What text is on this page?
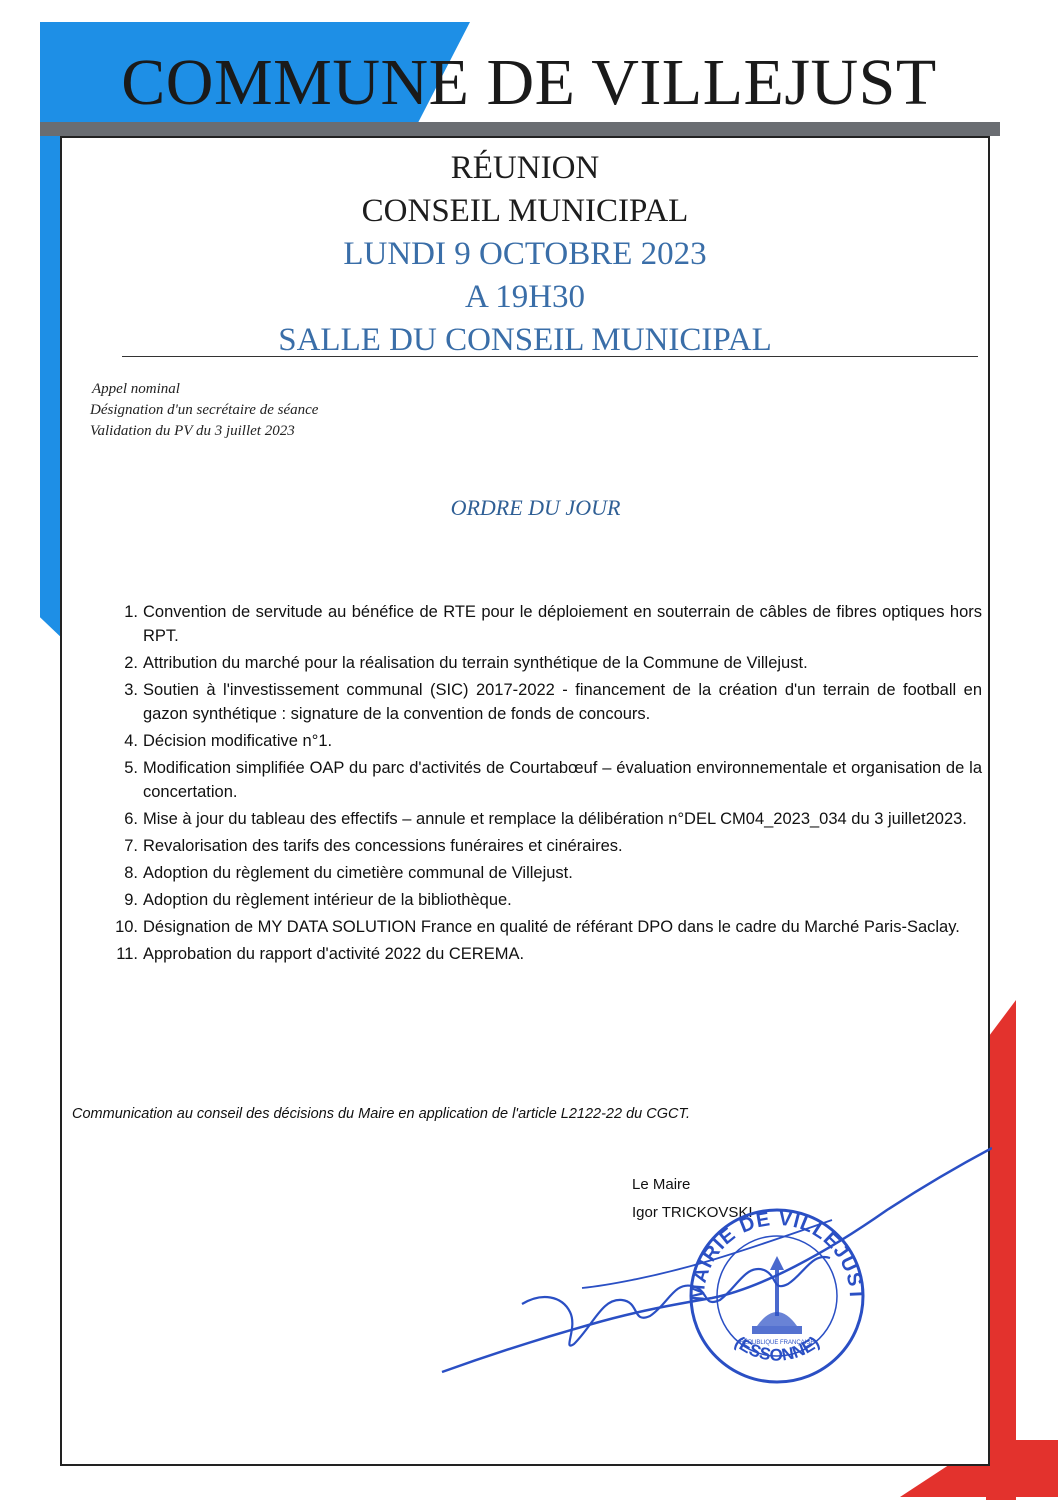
COMMUNE DE VILLEJUST
RÉUNION
CONSEIL MUNICIPAL
LUNDI 9 OCTOBRE 2023
A 19H30
SALLE DU CONSEIL MUNICIPAL
Appel nominal
Désignation d'un secrétaire de séance
Validation du PV du 3 juillet 2023
ORDRE DU JOUR
1. Convention de servitude au bénéfice de RTE pour le déploiement en souterrain de câbles de fibres optiques hors RPT.
2. Attribution du marché pour la réalisation du terrain synthétique de la Commune de Villejust.
3. Soutien à l'investissement communal (SIC) 2017-2022 - financement de la création d'un terrain de football en gazon synthétique : signature de la convention de fonds de concours.
4. Décision modificative n°1.
5. Modification simplifiée OAP du parc d'activités de Courtabœuf – évaluation environnementale et organisation de la concertation.
6. Mise à jour du tableau des effectifs – annule et remplace la délibération n°DEL CM04_2023_034 du 3 juillet2023.
7. Revalorisation des tarifs des concessions funéraires et cinéraires.
8. Adoption du règlement du cimetière communal de Villejust.
9. Adoption du règlement intérieur de la bibliothèque.
10. Désignation de MY DATA SOLUTION France en qualité de référant DPO dans le cadre du Marché Paris-Saclay.
11. Approbation du rapport d'activité 2022 du CEREMA.
Communication au conseil des décisions du Maire en application de l'article L2122-22 du CGCT.
Le Maire
Igor TRICKOVSKI
MAIRIE DE VILLEJUST
(ESSONNE)
RÉPUBLIQUE FRANÇAISE
